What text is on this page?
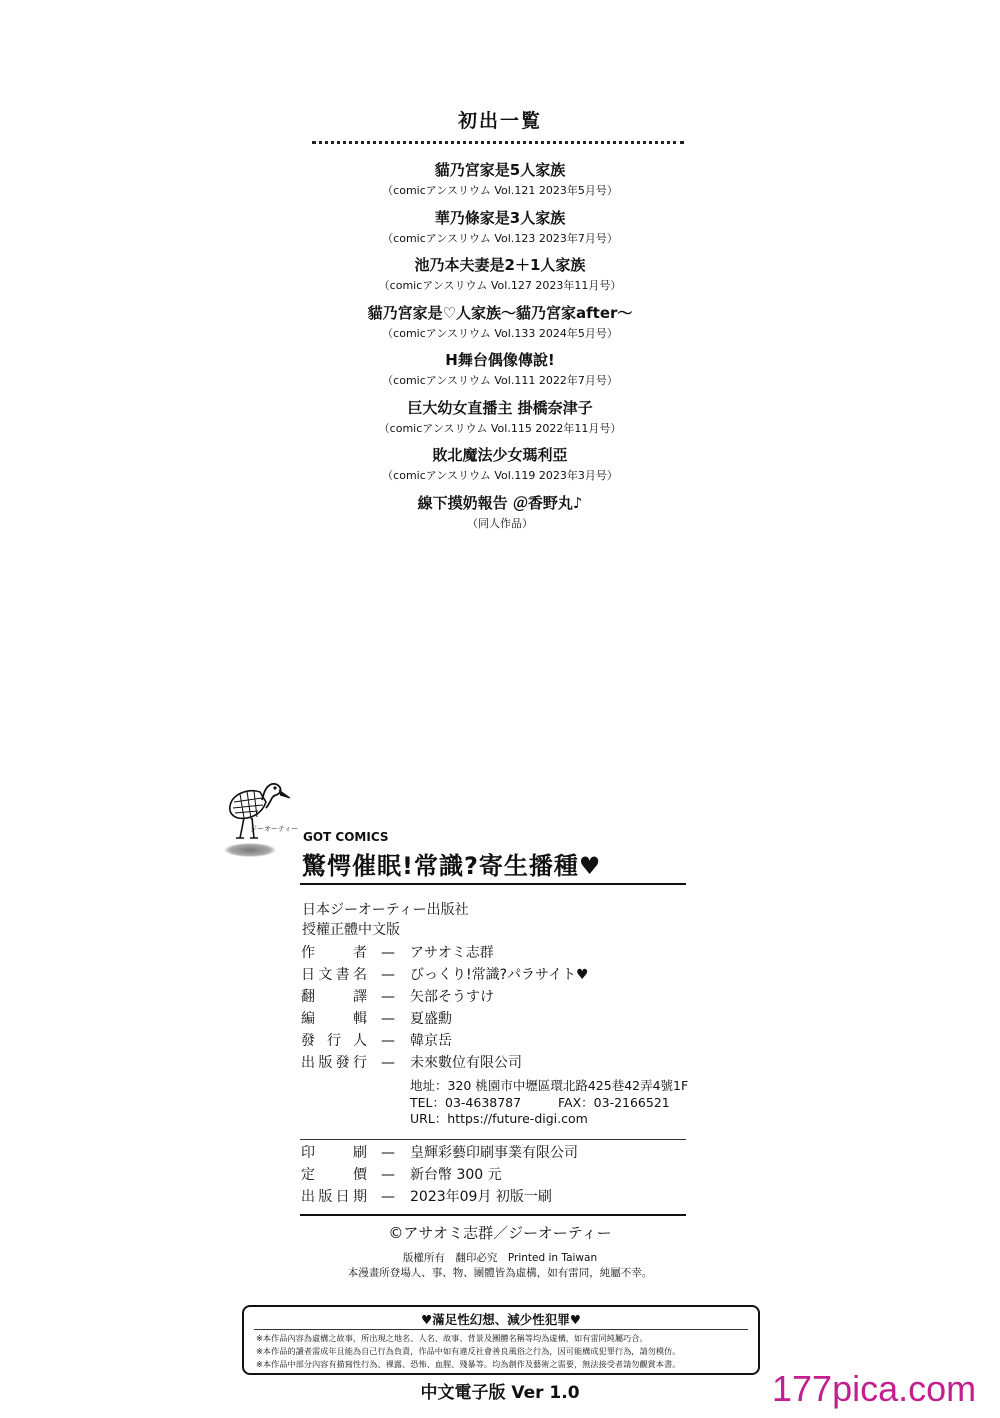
初出一覧
貓乃宮家是5人家族
（comicアンスリウム Vol.121 2023年5月号）
華乃條家是3人家族
（comicアンスリウム Vol.123 2023年7月号）
池乃本夫妻是2＋1人家族
（comicアンスリウム Vol.127 2023年11月号）
貓乃宮家是♡人家族～貓乃宮家after～
（comicアンスリウム Vol.133 2024年5月号）
H舞台偶像傳說!
（comicアンスリウム Vol.111 2022年7月号）
巨大幼女直播主 掛橋奈津子
（comicアンスリウム Vol.115 2022年11月号）
敗北魔法少女瑪利亞
（comicアンスリウム Vol.119 2023年3月号）
線下摸奶報告 ＠香野丸♪
（同人作品）
ジーオーティー
GOT COMICS
驚愕催眠!常識?寄生播種♥
日本ジーオーティー出版社
授權正體中文版
作者 — アサオミ志群
日文書名 — びっくり!常識?パラサイト♥
翻譯 — 矢部そうすけ
編輯 — 夏盛勳
發行人 — 韓京岳
出版發行 — 未來數位有限公司
地址：320 桃園市中壢區環北路425巷42弄4號1F
TEL：03-4638787	FAX：03-2166521
URL：https://future-digi.com
印刷 — 皇輝彩藝印刷事業有限公司
定價 — 新台幣 300 元
出版日期 — 2023年09月 初版一刷
©アサオミ志群／ジーオーティー
版權所有　翻印必究　Printed in Taiwan
本漫畫所登場人、事、物、團體皆為虛構，如有雷同，純屬不幸。
♥滿足性幻想、減少性犯罪♥
※本作品內容為虛構之故事，所出現之地名、人名、故事、背景及團體名稱等均為虛構，如有雷同純屬巧合。
※本作品的讀者需成年且能為自己行為負責，作品中如有違反社會善良風俗之行為，因可能構成犯罪行為，請勿模仿。
※本作品中部分內容有描寫性行為、裸露、恐怖、血腥、殘暴等。均為創作及藝術之需要，無法接受者請勿觀賞本書。
中文電子版 Ver 1.0	177pica.com
